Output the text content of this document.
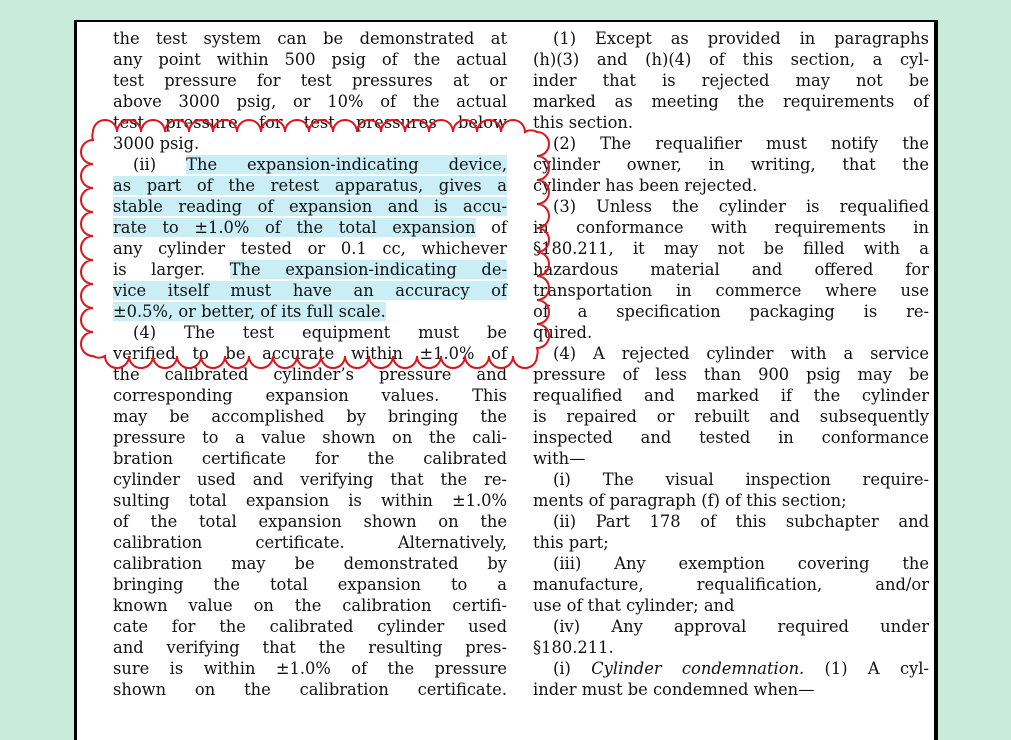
the test system can be demonstrated at
any point within 500 psig of the actual
test pressure for test pressures at or
above 3000 psig, or 10% of the actual
test pressure for test pressures below
3000 psig.
(ii) The expansion-indicating device,
as part of the retest apparatus, gives a
stable reading of expansion and is accu-
rate to ±1.0% of the total expansion of
any cylinder tested or 0.1 cc, whichever
is larger. The expansion-indicating de-
vice itself must have an accuracy of
±0.5%, or better, of its full scale.
(4) The test equipment must be
verified to be accurate within ±1.0% of
the calibrated cylinder’s pressure and
corresponding expansion values. This
may be accomplished by bringing the
pressure to a value shown on the cali-
bration certificate for the calibrated
cylinder used and verifying that the re-
sulting total expansion is within ±1.0%
of the total expansion shown on the
calibration certificate. Alternatively,
calibration may be demonstrated by
bringing the total expansion to a
known value on the calibration certifi-
cate for the calibrated cylinder used
and verifying that the resulting pres-
sure is within ±1.0% of the pressure
shown on the calibration certificate.
(1) Except as provided in paragraphs
(h)(3) and (h)(4) of this section, a cyl-
inder that is rejected may not be
marked as meeting the requirements of
this section.
(2) The requalifier must notify the
cylinder owner, in writing, that the
cylinder has been rejected.
(3) Unless the cylinder is requalified
in conformance with requirements in
§180.211, it may not be filled with a
hazardous material and offered for
transportation in commerce where use
of a specification packaging is re-
quired.
(4) A rejected cylinder with a service
pressure of less than 900 psig may be
requalified and marked if the cylinder
is repaired or rebuilt and subsequently
inspected and tested in conformance
with—
(i) The visual inspection require-
ments of paragraph (f) of this section;
(ii) Part 178 of this subchapter and
this part;
(iii) Any exemption covering the
manufacture, requalification, and/or
use of that cylinder; and
(iv) Any approval required under
§180.211.
(i) Cylinder condemnation. (1) A cyl-
inder must be condemned when—
